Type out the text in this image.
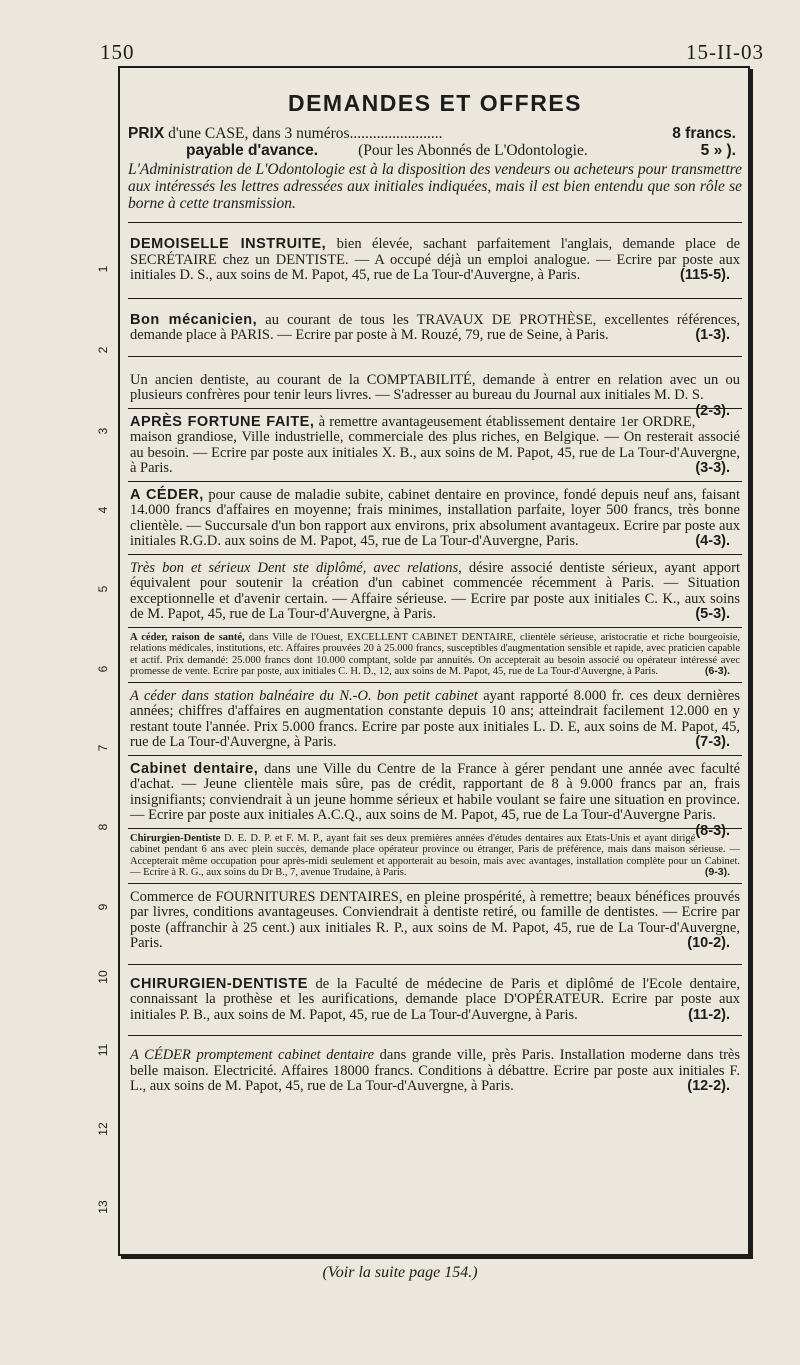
150	15-II-03
1
2
3
4
5
6
7
8
9
10
11
12
13
DEMANDES ET OFFRES
PRIX
d'une CASE, dans 3 numéros ........................	8 francs.
payable d'avance.	(Pour les Abonnés de L'Odontologie.	5 » ).
L'Administration de L'Odontologie est à la disposition des vendeurs ou acheteurs pour transmettre aux intéressés les lettres adressées aux initiales indiquées, mais il est bien entendu que son rôle se borne à cette transmission.
DEMOISELLE INSTRUITE, bien élevée, sachant parfaitement l'anglais, demande place de SECRÉTAIRE chez un DENTISTE. — A occupé déjà un emploi analogue. — Ecrire par poste aux initiales D. S., aux soins de M. Papot, 45, rue de La Tour-d'Auvergne, à Paris.	(115-5).
Bon mécanicien, au courant de tous les TRAVAUX DE PROTHÈSE, excellentes références, demande place à PARIS. — Ecrire par poste à M. Rouzé, 79, rue de Seine, à Paris.	(1-3).
Un ancien dentiste, au courant de la COMPTABILITÉ, demande à entrer en relation avec un ou plusieurs confrères pour tenir leurs livres. — S'adresser au bureau du Journal aux initiales M. D. S.
(2-3).
APRÈS FORTUNE FAITE, à remettre avantageusement établissement dentaire 1er ORDRE, maison grandiose, Ville industrielle, commerciale des plus riches, en Belgique. — On resterait associé au besoin. — Ecrire par poste aux initiales X. B., aux soins de M. Papot, 45, rue de La Tour-d'Auvergne, à Paris.	(3-3).
A CÉDER, pour cause de maladie subite, cabinet dentaire en province, fondé depuis neuf ans, faisant 14.000 francs d'affaires en moyenne; frais minimes, installation parfaite, loyer 500 francs, très bonne clientèle. — Succursale d'un bon rapport aux environs, prix absolument avantageux. Ecrire par poste aux initiales R.G.D. aux soins de M. Papot, 45, rue de La Tour-d'Auvergne, Paris.	(4-3).
Très bon et sérieux Dent ste diplômé, avec relations, désire associé dentiste sérieux, ayant apport équivalent pour soutenir la création d'un cabinet commencée récemment à Paris. — Situation exceptionnelle et d'avenir certain. — Affaire sérieuse. — Ecrire par poste aux initiales C. K., aux soins de M. Papot, 45, rue de La Tour-d'Auvergne, à Paris.	(5-3).
A céder, raison de santé, dans Ville de l'Ouest, EXCELLENT CABINET DENTAIRE, clientèle sérieuse, aristocratie et riche bourgeoisie, relations médicales, institutions, etc. Affaires prouvées 20 à 25.000 francs, susceptibles d'augmentation sensible et rapide, avec praticien capable et actif. Prix demandé: 25.000 francs dont 10.000 comptant, solde par annuités. On accepterait au besoin associé ou opérateur intéressé avec promesse de vente. Ecrire par poste, aux initiales C. H. D., 12, aux soins de M. Papot, 45, rue de La Tour-d'Auvergne, à Paris.	(6-3).
A céder dans station balnéaire du N.-O. bon petit cabinet ayant rapporté 8.000 fr. ces deux dernières années; chiffres d'affaires en augmentation constante depuis 10 ans; atteindrait facilement 12.000 en y restant toute l'année. Prix 5.000 francs. Ecrire par poste aux initiales L. D. E, aux soins de M. Papot, 45, rue de La Tour-d'Auvergne, à Paris.	(7-3).
Cabinet dentaire, dans une Ville du Centre de la France à gérer pendant une année avec faculté d'achat. — Jeune clientèle mais sûre, pas de crédit, rapportant de 8 à 9.000 francs par an, frais insignifiants; conviendrait à un jeune homme sérieux et habile voulant se faire une situation en province. — Ecrire par poste aux initiales A.C.Q., aux soins de M. Papot, 45, rue de La Tour-d'Auvergne Paris.
(8-3).
Chirurgien-Dentiste D. E. D. P. et F. M. P., ayant fait ses deux premières années d'études dentaires aux Etats-Unis et ayant dirigé cabinet pendant 6 ans avec plein succès, demande place opérateur province ou étranger, Paris de préférence, mais dans maison sérieuse. — Accepterait même occupation pour après-midi seulement et apporterait au besoin, mais avec avantages, installation complète pour un Cabinet. — Ecrire à R. G., aux soins du Dr B., 7, avenue Trudaine, à Paris.	(9-3).
Commerce de FOURNITURES DENTAIRES, en pleine prospérité, à remettre; beaux bénéfices prouvés par livres, conditions avantageuses. Conviendrait à dentiste retiré, ou famille de dentistes. — Ecrire par poste (affranchir à 25 cent.) aux initiales R. P., aux soins de M. Papot, 45, rue de La Tour-d'Auvergne, Paris.	(10-2).
CHIRURGIEN-DENTISTE de la Faculté de médecine de Paris et diplômé de l'Ecole dentaire, connaissant la prothèse et les aurifications, demande place D'OPÉRATEUR. Ecrire par poste aux initiales P. B., aux soins de M. Papot, 45, rue de La Tour-d'Auvergne, à Paris.	(11-2).
A CÉDER promptement cabinet dentaire dans grande ville, près Paris. Installation moderne dans très belle maison. Electricité. Affaires 18000 francs. Conditions à débattre. Ecrire par poste aux initiales F. L., aux soins de M. Papot, 45, rue de La Tour-d'Auvergne, à Paris.	(12-2).
(Voir la suite page 154.)
